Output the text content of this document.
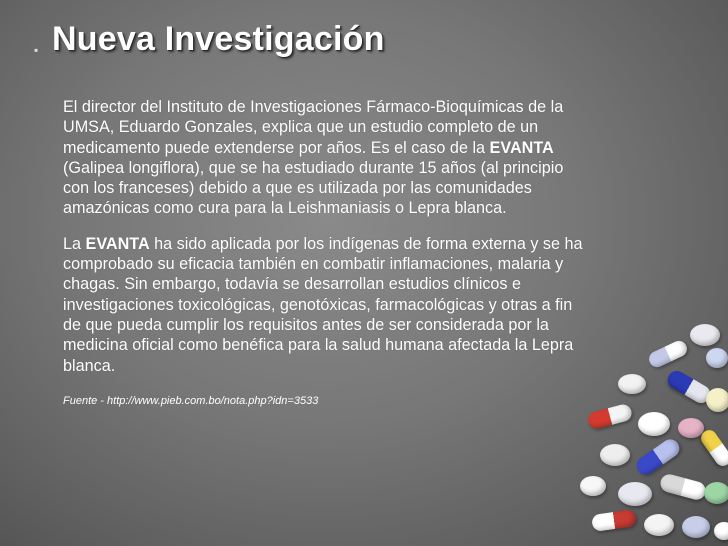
▪ Nueva Investigación

El director del Instituto de Investigaciones Fármaco-Bioquímicas de la UMSA, Eduardo Gonzales, explica que un estudio completo de un medicamento puede extenderse por años. Es el caso de la EVANTA (Galipea longiflora), que se ha estudiado durante 15 años (al principio con los franceses) debido a que es utilizada por las comunidades amazónicas como cura para la Leishmaniasis o Lepra blanca.

La EVANTA ha sido aplicada por los indígenas de forma externa y se ha comprobado su eficacia también en combatir inflamaciones, malaria y chagas. Sin embargo, todavía se desarrollan estudios clínicos e investigaciones toxicológicas, genotóxicas, farmacológicas y otras a fin de que pueda cumplir los requisitos antes de ser considerada por la medicina oficial como benéfica para la salud humana afectada la Lepra blanca.

Fuente - http://www.pieb.com.bo/nota.php?idn=3533
